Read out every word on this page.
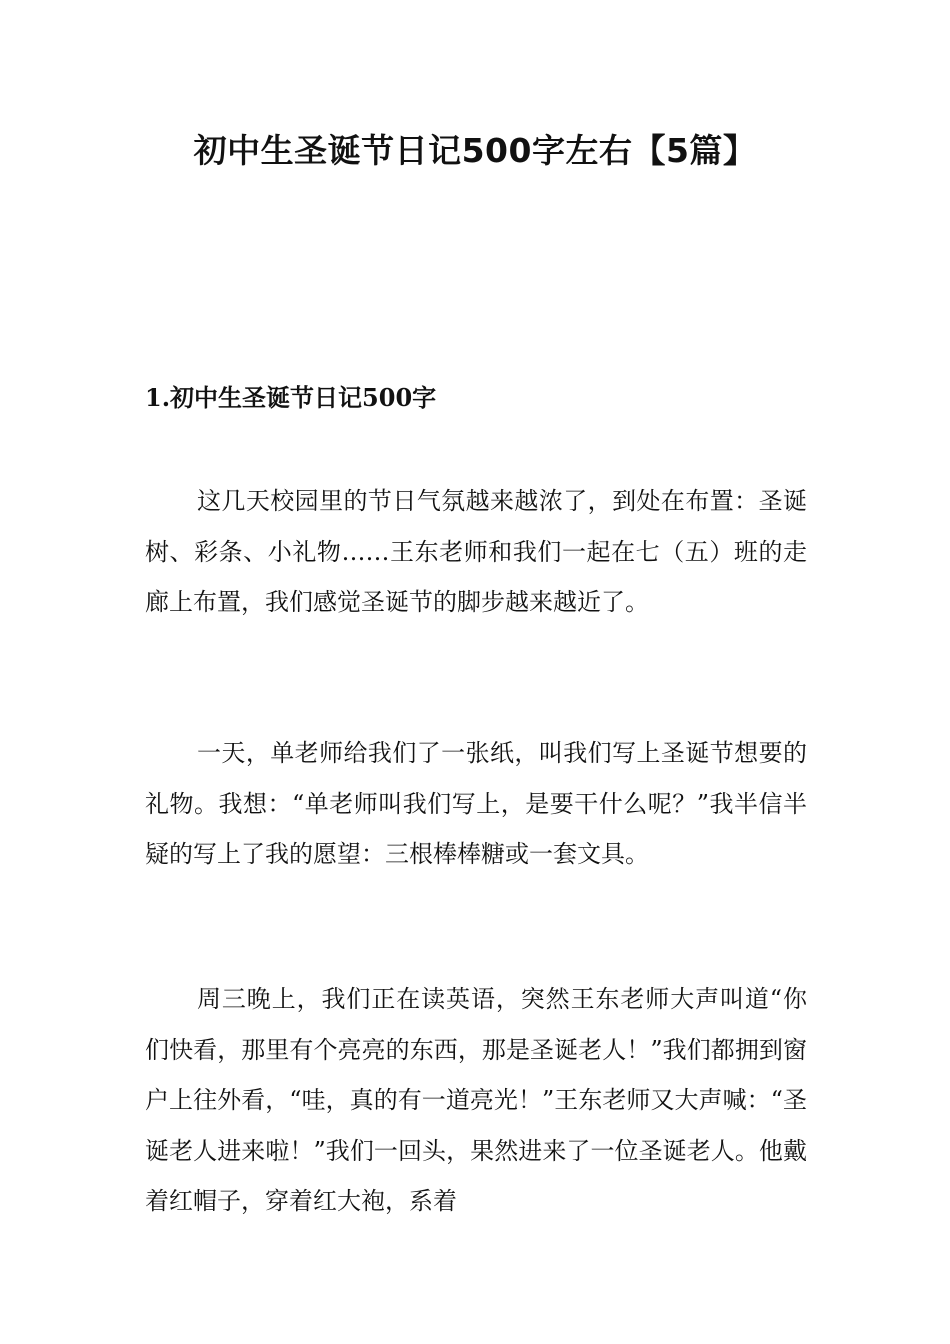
初中生圣诞节日记500字左右【5篇】
1.初中生圣诞节日记500字

这几天校园里的节日气氛越来越浓了，到处在布置：圣诞树、彩条、小礼物……王东老师和我们一起在七（五）班的走廊上布置，我们感觉圣诞节的脚步越来越近了。

一天，单老师给我们了一张纸，叫我们写上圣诞节想要的礼物。我想：“单老师叫我们写上，是要干什么呢？”我半信半疑的写上了我的愿望：三根棒棒糖或一套文具。

周三晚上，我们正在读英语，突然王东老师大声叫道“你们快看，那里有个亮亮的东西，那是圣诞老人！”我们都拥到窗户上往外看，“哇，真的有一道亮光！”王东老师又大声喊：“圣诞老人进来啦！”我们一回头，果然进来了一位圣诞老人。他戴着红帽子，穿着红大袍，系着
